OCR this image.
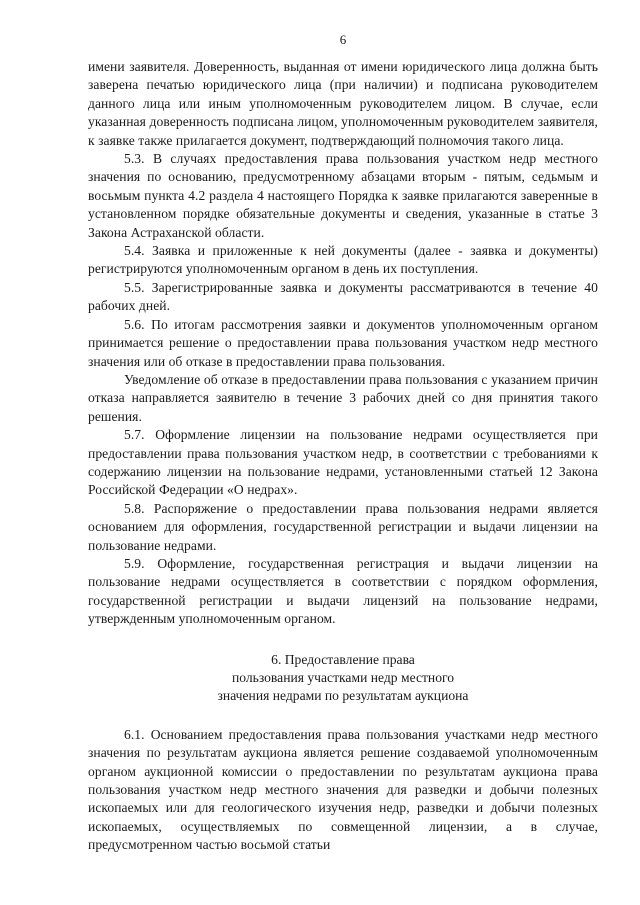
6

имени заявителя. Доверенность, выданная от имени юридического лица должна быть заверена печатью юридического лица (при наличии) и подписана руководителем данного лица или иным уполномоченным руководителем лицом. В случае, если указанная доверенность подписана лицом, уполномоченным руководителем заявителя, к заявке также прилагается документ, подтверждающий полномочия такого лица.

5.3. В случаях предоставления права пользования участком недр местного значения по основанию, предусмотренному абзацами вторым - пятым, седьмым и восьмым пункта 4.2 раздела 4 настоящего Порядка к заявке прилагаются заверенные в установленном порядке обязательные документы и сведения, указанные в статье 3 Закона Астраханской области.

5.4. Заявка и приложенные к ней документы (далее - заявка и документы) регистрируются уполномоченным органом в день их поступления.

5.5. Зарегистрированные заявка и документы рассматриваются в течение 40 рабочих дней.

5.6. По итогам рассмотрения заявки и документов уполномоченным органом принимается решение о предоставлении права пользования участком недр местного значения или об отказе в предоставлении права пользования.

Уведомление об отказе в предоставлении права пользования с указанием причин отказа направляется заявителю в течение 3 рабочих дней со дня принятия такого решения.

5.7. Оформление лицензии на пользование недрами осуществляется при предоставлении права пользования участком недр, в соответствии с требованиями к содержанию лицензии на пользование недрами, установленными статьей 12 Закона Российской Федерации «О недрах».

5.8. Распоряжение о предоставлении права пользования недрами является основанием для оформления, государственной регистрации и выдачи лицензии на пользование недрами.

5.9. Оформление, государственная регистрация и выдачи лицензии на пользование недрами осуществляется в соответствии с порядком оформления, государственной регистрации и выдачи лицензий на пользование недрами, утвержденным уполномоченным органом.

6. Предоставление права

пользования участками недр местного

значения недрами по результатам аукциона

6.1. Основанием предоставления права пользования участками недр местного значения по результатам аукциона является решение создаваемой уполномоченным органом аукционной комиссии о предоставлении по результатам аукциона права пользования участком недр местного значения для разведки и добычи полезных ископаемых или для геологического изучения недр, разведки и добычи полезных ископаемых, осуществляемых по совмещенной лицензии, а в случае, предусмотренном частью восьмой статьи
